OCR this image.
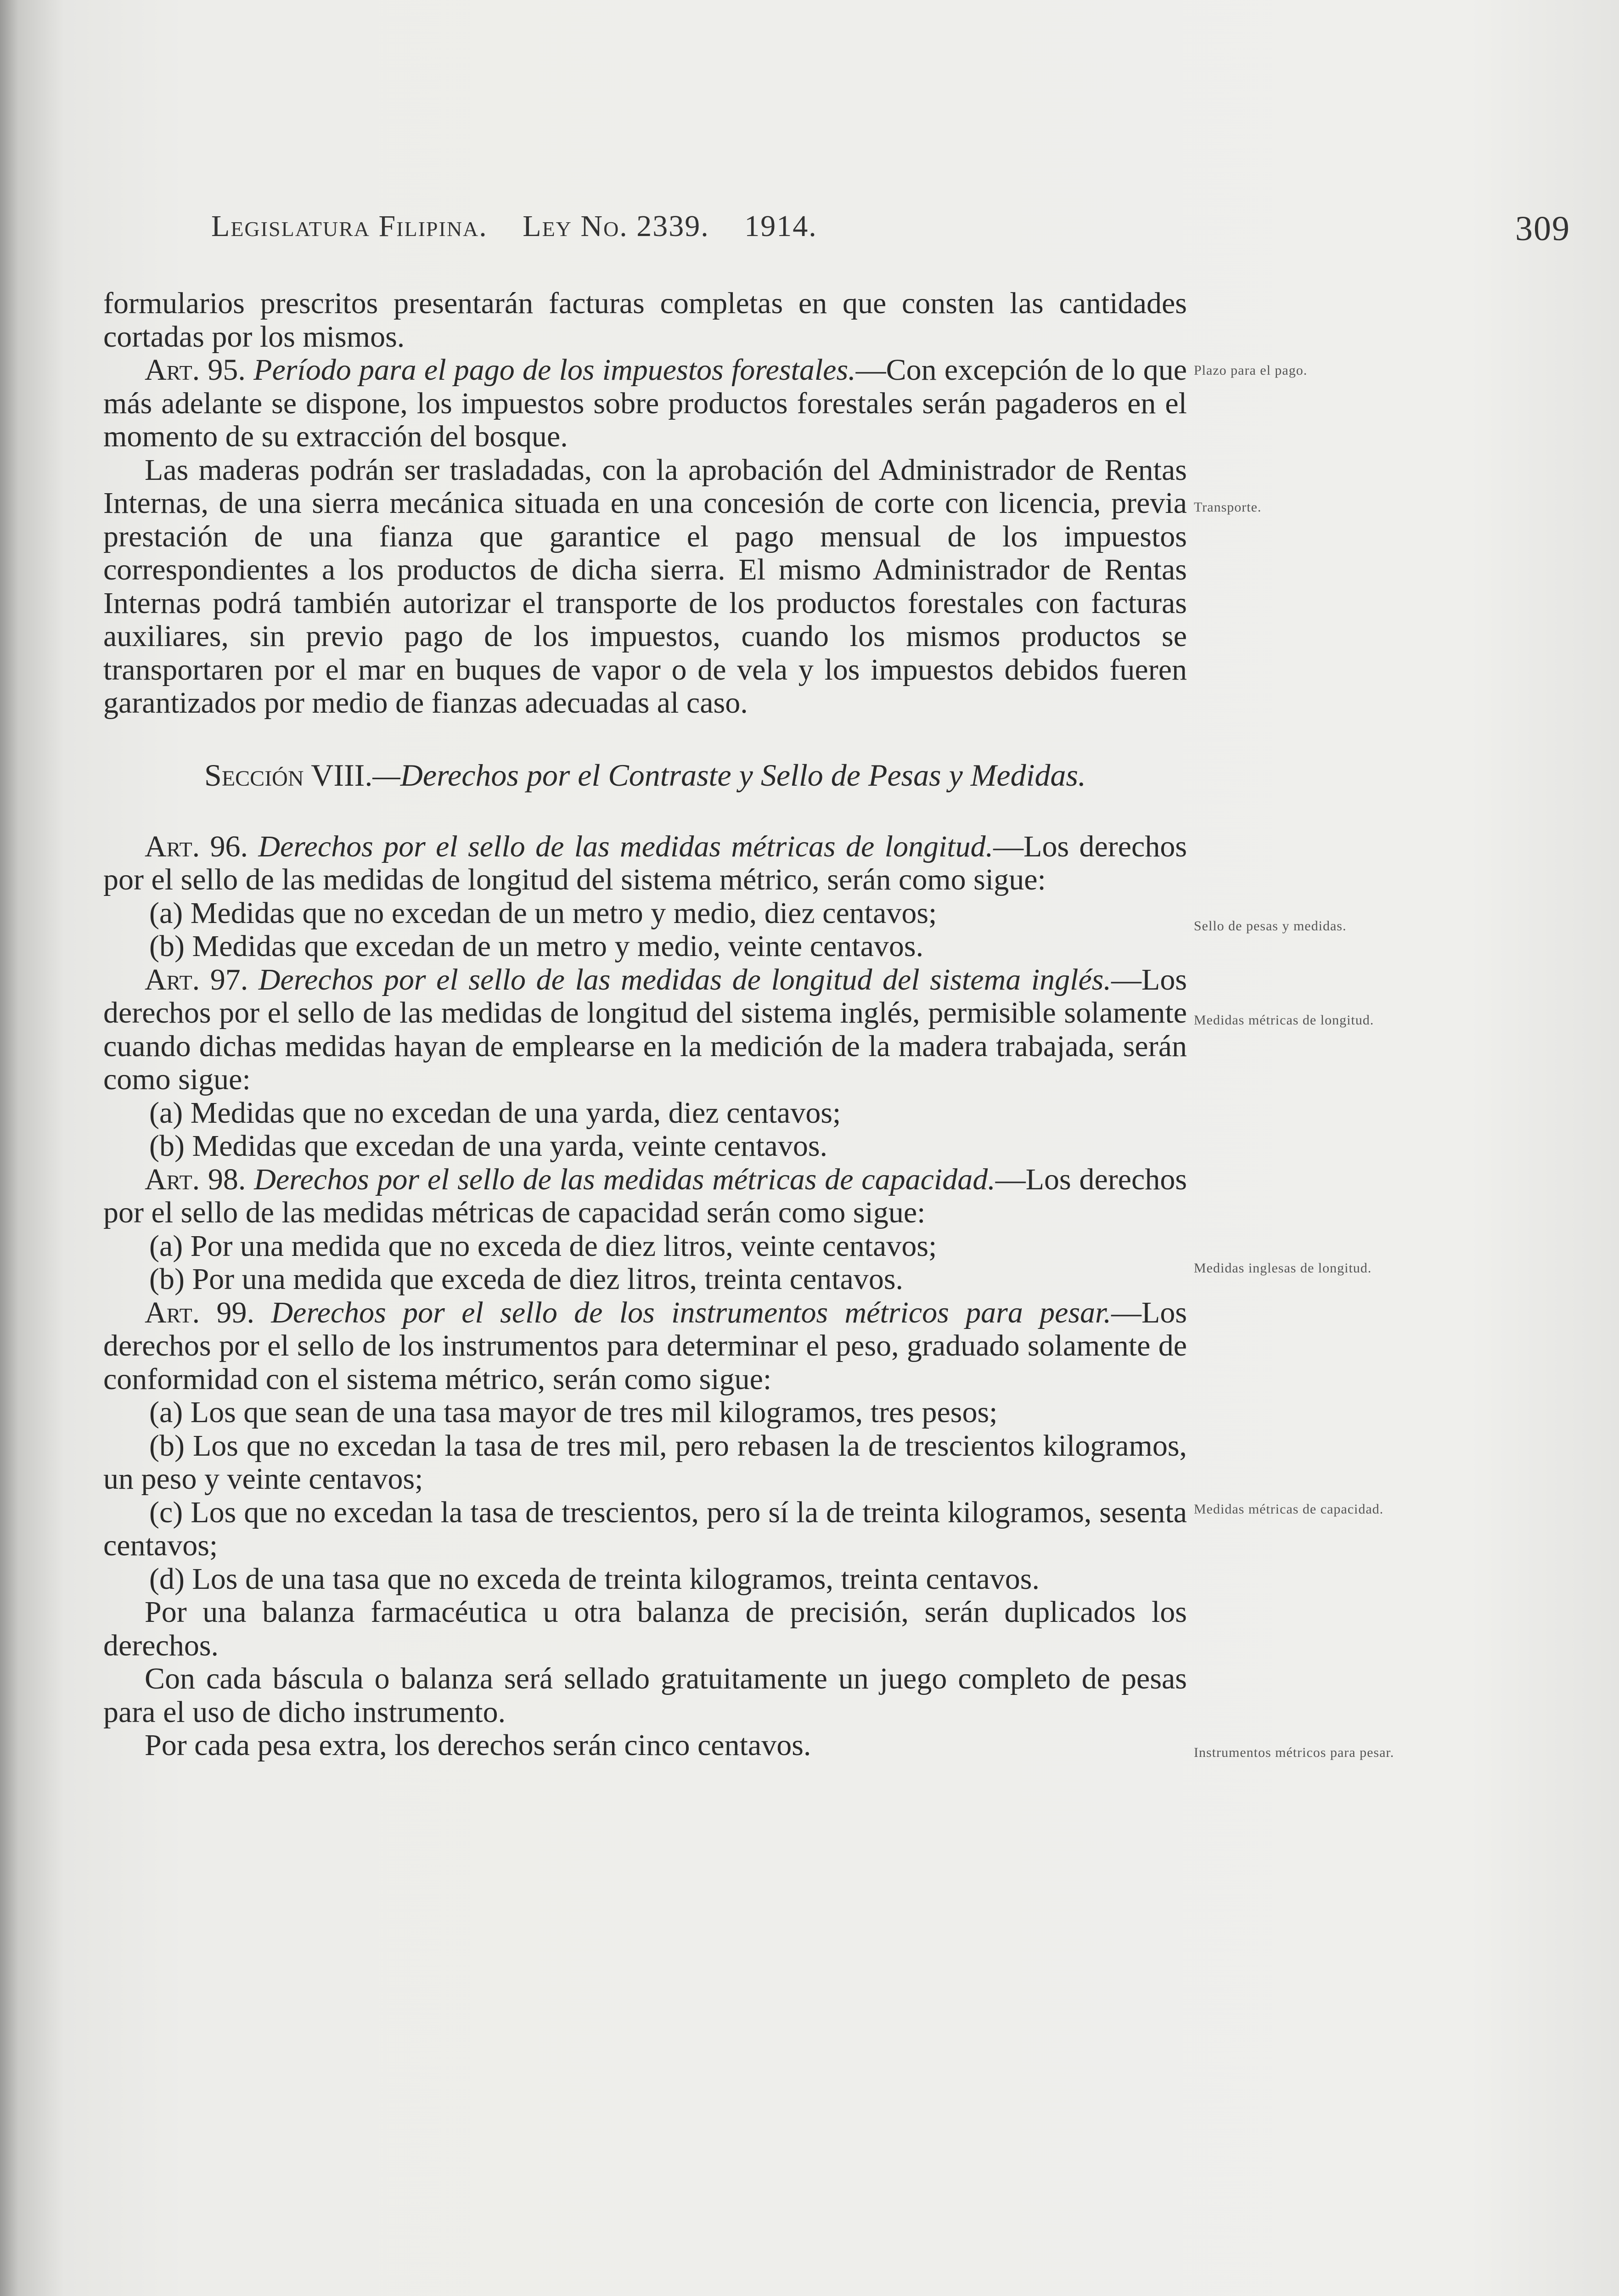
Legislatura Filipina. Ley No. 2339. 1914.	309
Plazo para el pago.
Transporte.
Sello de pesas y medidas.
Medidas métricas de longitud.
Medidas inglesas de longitud.
Medidas métricas de capacidad.
Instrumentos métricos para pesar.

formularios prescritos presentarán facturas completas en que consten las cantidades cortadas por los mismos.

Art. 95. Período para el pago de los impuestos forestales.—Con excepción de lo que más adelante se dispone, los impuestos sobre productos forestales serán pagaderos en el momento de su extracción del bosque.

Las maderas podrán ser trasladadas, con la aprobación del Administrador de Rentas Internas, de una sierra mecánica situada en una concesión de corte con licencia, previa prestación de una fianza que garantice el pago mensual de los impuestos correspondientes a los productos de dicha sierra. El mismo Administrador de Rentas Internas podrá también autorizar el transporte de los productos forestales con facturas auxiliares, sin previo pago de los impuestos, cuando los mismos productos se transportaren por el mar en buques de vapor o de vela y los impuestos debidos fueren garantizados por medio de fianzas adecuadas al caso.

Sección VIII.—Derechos por el Contraste y Sello de Pesas y Medidas.

Art. 96. Derechos por el sello de las medidas métricas de longitud.—Los derechos por el sello de las medidas de longitud del sistema métrico, serán como sigue:

(a) Medidas que no excedan de un metro y medio, diez centavos;

(b) Medidas que excedan de un metro y medio, veinte centavos.

Art. 97. Derechos por el sello de las medidas de longitud del sistema inglés.—Los derechos por el sello de las medidas de longitud del sistema inglés, permisible solamente cuando dichas medidas hayan de emplearse en la medición de la madera trabajada, serán como sigue:

(a) Medidas que no excedan de una yarda, diez centavos;

(b) Medidas que excedan de una yarda, veinte centavos.

Art. 98. Derechos por el sello de las medidas métricas de capacidad.—Los derechos por el sello de las medidas métricas de capacidad serán como sigue:

(a) Por una medida que no exceda de diez litros, veinte centavos;

(b) Por una medida que exceda de diez litros, treinta centavos.

Art. 99. Derechos por el sello de los instrumentos métricos para pesar.—Los derechos por el sello de los instrumentos para determinar el peso, graduado solamente de conformidad con el sistema métrico, serán como sigue:

(a) Los que sean de una tasa mayor de tres mil kilogramos, tres pesos;

(b) Los que no excedan la tasa de tres mil, pero rebasen la de trescientos kilogramos, un peso y veinte centavos;

(c) Los que no excedan la tasa de trescientos, pero sí la de treinta kilogramos, sesenta centavos;

(d) Los de una tasa que no exceda de treinta kilogramos, treinta centavos.

Por una balanza farmacéutica u otra balanza de precisión, serán duplicados los derechos.

Con cada báscula o balanza será sellado gratuitamente un juego completo de pesas para el uso de dicho instrumento.

Por cada pesa extra, los derechos serán cinco centavos.
